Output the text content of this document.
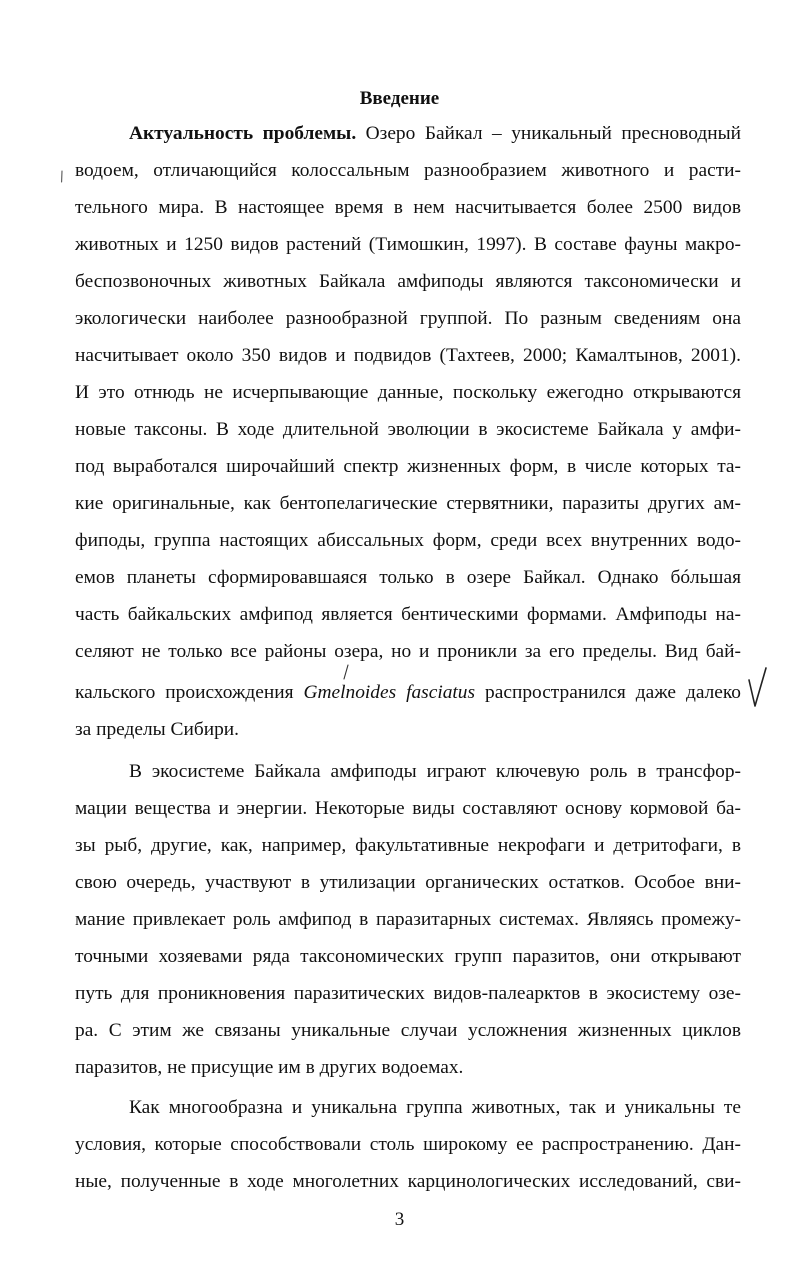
Введение
Актуальность проблемы. Озеро Байкал – уникальный пресноводный
водоем, отличающийся колоссальным разнообразием животного и расти-
тельного мира. В настоящее время в нем насчитывается более 2500 видов
животных и 1250 видов растений (Тимошкин, 1997). В составе фауны макро-
беспозвоночных животных Байкала амфиподы являются таксономически и
экологически наиболее разнообразной группой. По разным сведениям она
насчитывает около 350 видов и подвидов (Тахтеев, 2000; Камалтынов, 2001).
И это отнюдь не исчерпывающие данные, поскольку ежегодно открываются
новые таксоны. В ходе длительной эволюции в экосистеме Байкала у амфи-
под выработался широчайший спектр жизненных форм, в числе которых та-
кие оригинальные, как бентопелагические стервятники, паразиты других ам-
фиподы, группа настоящих абиссальных форм, среди всех внутренних водо-
емов планеты сформировавшаяся только в озере Байкал. Однако бóльшая
часть байкальских амфипод является бентическими формами. Амфиподы на-
селяют не только все районы озера, но и проникли за его пределы. Вид бай-
кальского происхождения Gmelnoides fasciatus распространился даже далеко
за пределы Сибири.
В экосистеме Байкала амфиподы играют ключевую роль в трансфор-
мации вещества и энергии. Некоторые виды составляют основу кормовой ба-
зы рыб, другие, как, например, факультативные некрофаги и детритофаги, в
свою очередь, участвуют в утилизации органических остатков. Особое вни-
мание привлекает роль амфипод в паразитарных системах. Являясь промежу-
точными хозяевами ряда таксономических групп паразитов, они открывают
путь для проникновения паразитических видов-палеарктов в экосистему озе-
ра. С этим же связаны уникальные случаи усложнения жизненных циклов
паразитов, не присущие им в других водоемах.
Как многообразна и уникальна группа животных, так и уникальны те
условия, которые способствовали столь широкому ее распространению. Дан-
ные, полученные в ходе многолетних карцинологических исследований, сви-
3
